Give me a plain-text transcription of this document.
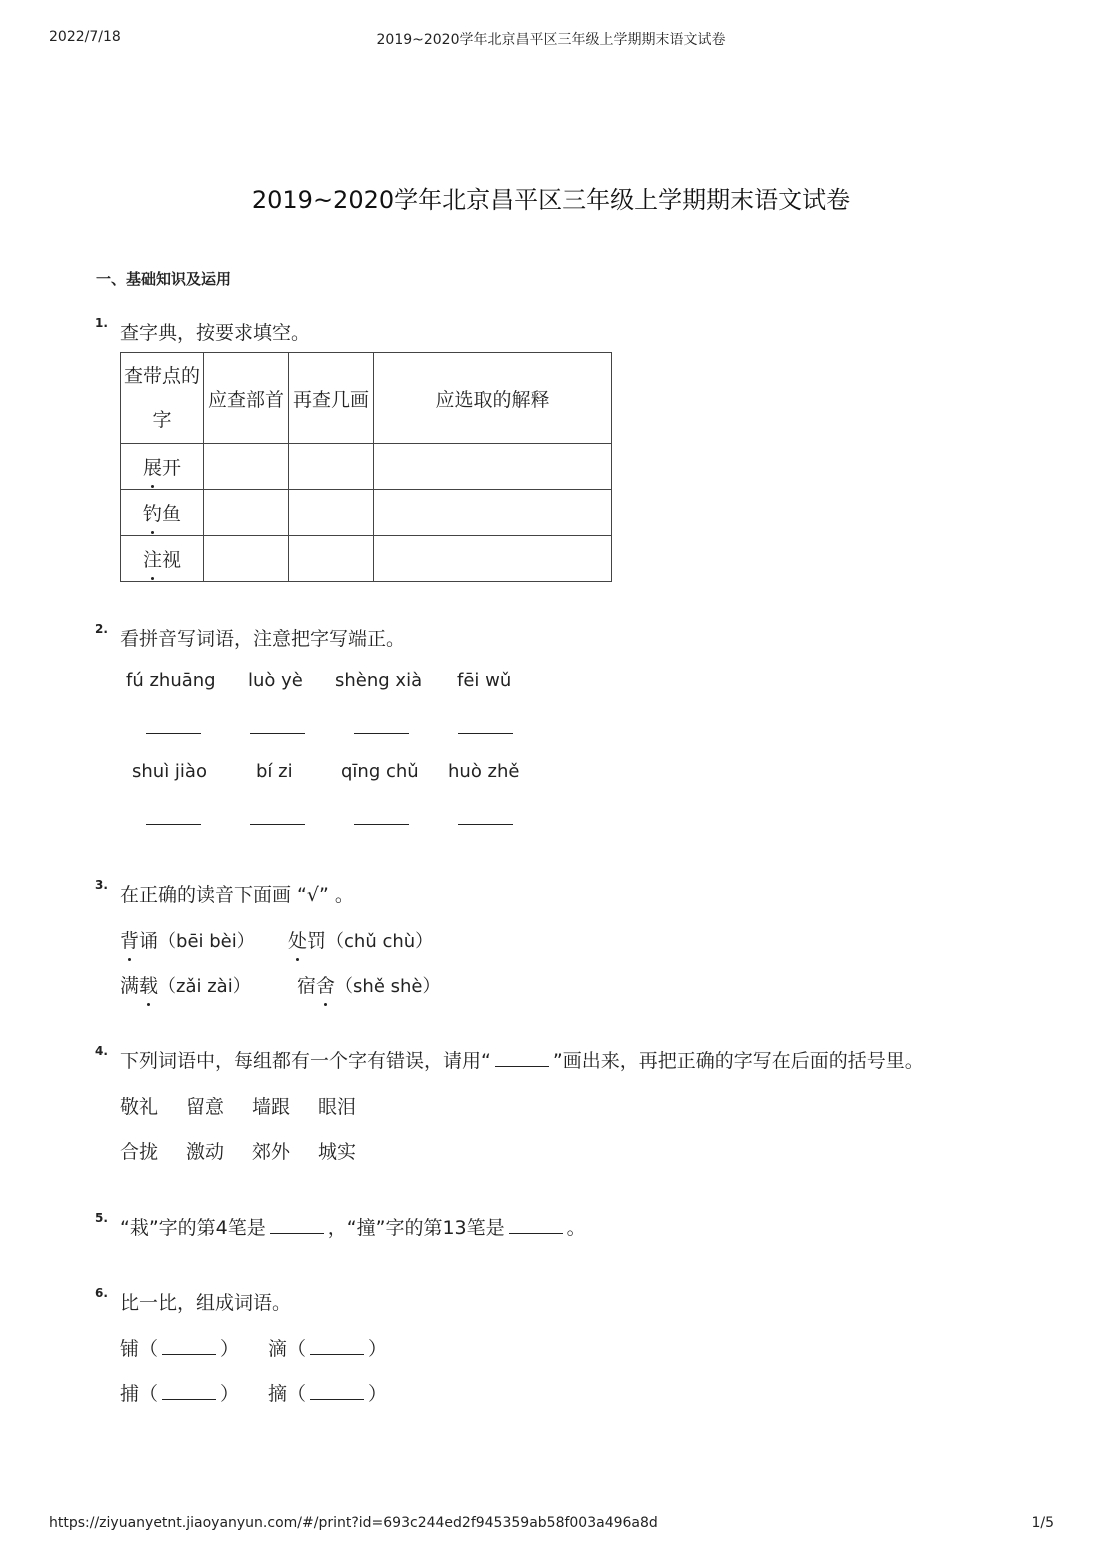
2022/7/18	2019~2020学年北京昌平区三年级上学期期末语文试卷
2019~2020学年北京昌平区三年级上学期期末语文试卷
一、基础知识及运用
1. 查字典，按要求填空。
查带点的字	应查部首	再查几画	应选取的解释
展开			
钓鱼			
注视			
2. 看拼音写词语，注意把字写端正。
fú zhuāng luò yè shèng xià fēi wǔ
shuì jiào	bí zi	qīng chǔ huò zhě
3. 在正确的读音下面画 “√” 。
背诵（bēi bèi） 处罚（chǔ chù）
满载（zǎi zài） 宿舍（shě shè）
4. 下列词语中，每组都有一个字有错误，请用“	”画出来，再把正确的字写在后面的括号里。
敬礼 留意 墙跟 眼泪
合拢 激动 郊外 城实
5. “栽”字的第4笔是	，“撞”字的第13笔是	。
6. 比一比，组成词语。
铺（	） 滴（	）
捕（	） 摘（	）
https://ziyuanyetnt.jiaoyanyun.com/#/print?id=693c244ed2f945359ab58f003a496a8d	1/5
